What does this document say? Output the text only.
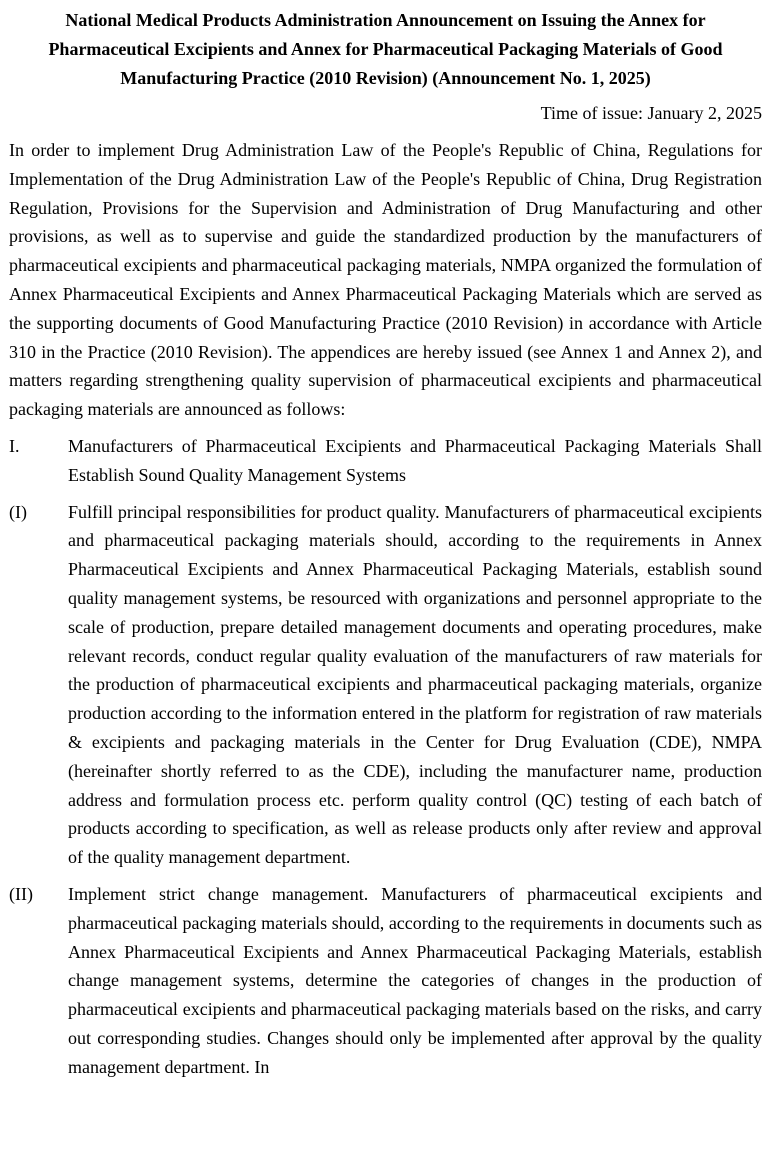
National Medical Products Administration Announcement on Issuing the Annex for Pharmaceutical Excipients and Annex for Pharmaceutical Packaging Materials of Good Manufacturing Practice (2010 Revision) (Announcement No. 1, 2025)
Time of issue: January 2, 2025

In order to implement Drug Administration Law of the People's Republic of China, Regulations for Implementation of the Drug Administration Law of the People's Republic of China, Drug Registration Regulation, Provisions for the Supervision and Administration of Drug Manufacturing and other provisions, as well as to supervise and guide the standardized production by the manufacturers of pharmaceutical excipients and pharmaceutical packaging materials, NMPA organized the formulation of Annex Pharmaceutical Excipients and Annex Pharmaceutical Packaging Materials which are served as the supporting documents of Good Manufacturing Practice (2010 Revision) in accordance with Article 310 in the Practice (2010 Revision). The appendices are hereby issued (see Annex 1 and Annex 2), and matters regarding strengthening quality supervision of pharmaceutical excipients and pharmaceutical packaging materials are announced as follows:

I.	Manufacturers of Pharmaceutical Excipients and Pharmaceutical Packaging Materials Shall Establish Sound Quality Management Systems
(I)	Fulfill principal responsibilities for product quality. Manufacturers of pharmaceutical excipients and pharmaceutical packaging materials should, according to the requirements in Annex Pharmaceutical Excipients and Annex Pharmaceutical Packaging Materials, establish sound quality management systems, be resourced with organizations and personnel appropriate to the scale of production, prepare detailed management documents and operating procedures, make relevant records, conduct regular quality evaluation of the manufacturers of raw materials for the production of pharmaceutical excipients and pharmaceutical packaging materials, organize production according to the information entered in the platform for registration of raw materials & excipients and packaging materials in the Center for Drug Evaluation (CDE), NMPA (hereinafter shortly referred to as the CDE), including the manufacturer name, production address and formulation process etc. perform quality control (QC) testing of each batch of products according to specification, as well as release products only after review and approval of the quality management department.
(II)	Implement strict change management. Manufacturers of pharmaceutical excipients and pharmaceutical packaging materials should, according to the requirements in documents such as Annex Pharmaceutical Excipients and Annex Pharmaceutical Packaging Materials, establish change management systems, determine the categories of changes in the production of pharmaceutical excipients and pharmaceutical packaging materials based on the risks, and carry out corresponding studies. Changes should only be implemented after approval by the quality management department. In
